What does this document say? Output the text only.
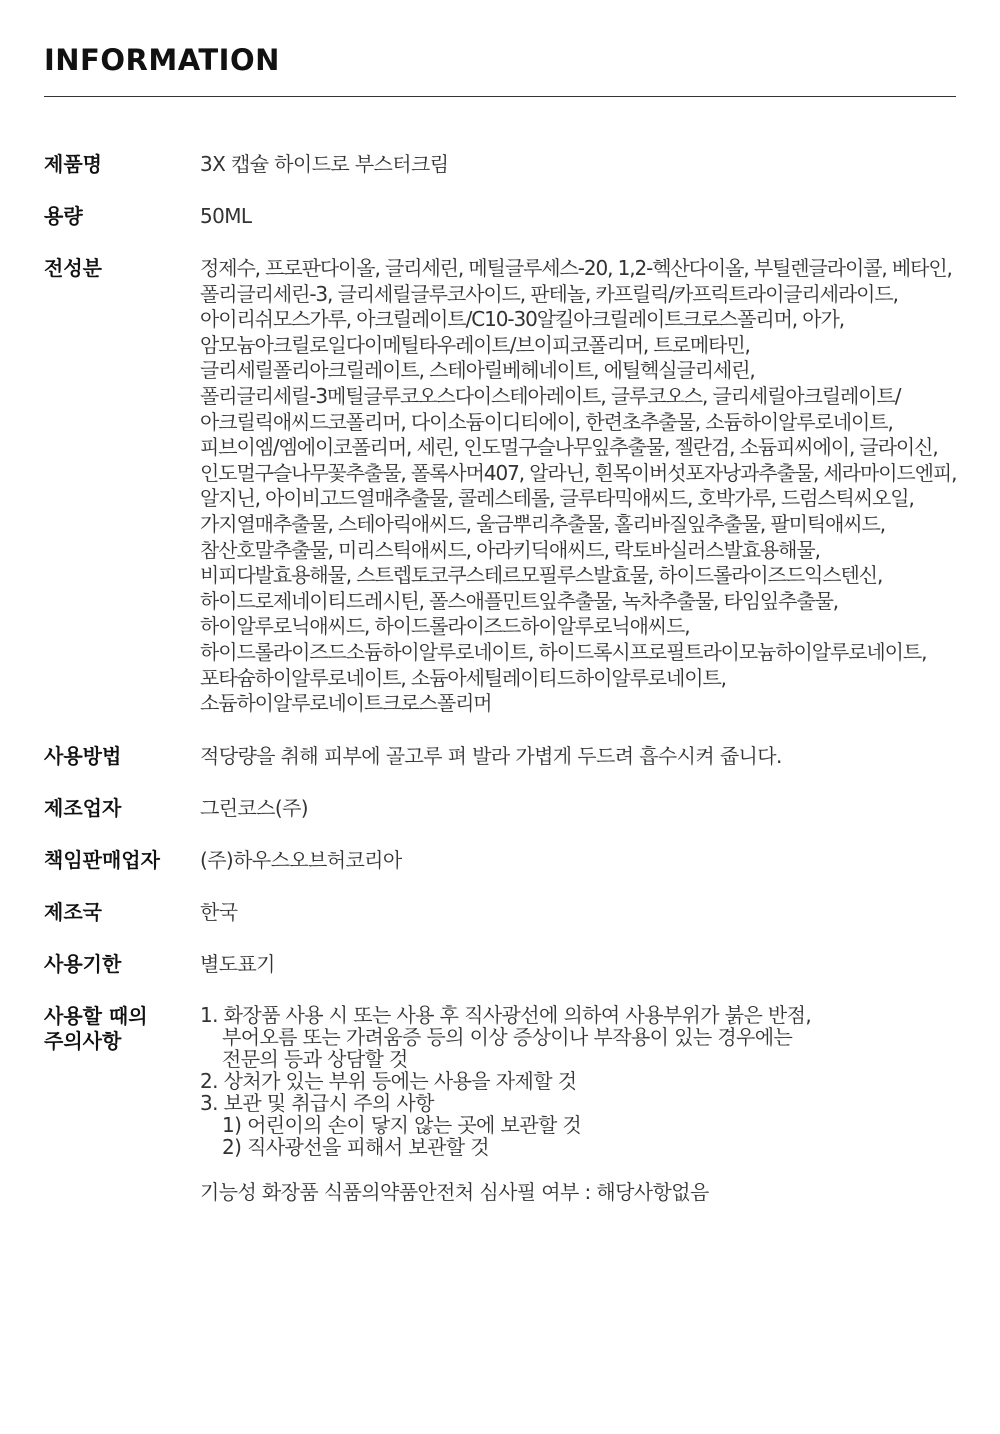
INFORMATION
제품명	3X 캡슐 하이드로 부스터크림
용량	50ML
전성분	정제수, 프로판다이올, 글리세린, 메틸글루세스-20, 1,2-헥산다이올, 부틸렌글라이콜, 베타인, 폴리글리세린-3, 글리세릴글루코사이드, 판테놀, 카프릴릭/카프릭트라이글리세라이드, 아이리쉬모스가루, 아크릴레이트/C10-30알킬아크릴레이트크로스폴리머, 아가, 암모늄아크릴로일다이메틸타우레이트/브이피코폴리머, 트로메타민, 글리세릴폴리아크릴레이트, 스테아릴베헤네이트, 에틸헥실글리세린, 폴리글리세릴-3메틸글루코오스다이스테아레이트, 글루코오스, 글리세릴아크릴레이트/아크릴릭애씨드코폴리머, 다이소듐이디티에이, 한련초추출물, 소듐하이알루로네이트, 피브이엠/엠에이코폴리머, 세린, 인도멀구슬나무잎추출물, 젤란검, 소듐피씨에이, 글라이신, 인도멀구슬나무꽃추출물, 폴록사머407, 알라닌, 흰목이버섯포자낭과추출물, 세라마이드엔피, 알지닌, 아이비고드열매추출물, 콜레스테롤, 글루타믹애씨드, 호박가루, 드럼스틱씨오일, 가지열매추출물, 스테아릭애씨드, 울금뿌리추출물, 홀리바질잎추출물, 팔미틱애씨드, 참산호말추출물, 미리스틱애씨드, 아라키딕애씨드, 락토바실러스발효용해물, 비피다발효용해물, 스트렙토코쿠스테르모필루스발효물, 하이드롤라이즈드익스텐신, 하이드로제네이티드레시틴, 폴스애플민트잎추출물, 녹차추출물, 타임잎추출물, 하이알루로닉애씨드, 하이드롤라이즈드하이알루로닉애씨드, 하이드롤라이즈드소듐하이알루로네이트, 하이드록시프로필트라이모늄하이알루로네이트, 포타슘하이알루로네이트, 소듐아세틸레이티드하이알루로네이트, 소듐하이알루로네이트크로스폴리머
사용방법	적당량을 취해 피부에 골고루 펴 발라 가볍게 두드려 흡수시켜 줍니다.
제조업자	그린코스(주)
책임판매업자	(주)하우스오브허코리아
제조국	한국
사용기한	별도표기
사용할 때의
주의사항
1. 화장품 사용 시 또는 사용 후 직사광선에 의하여 사용부위가 붉은 반점,
부어오름 또는 가려움증 등의 이상 증상이나 부작용이 있는 경우에는
전문의 등과 상담할 것
2. 상처가 있는 부위 등에는 사용을 자제할 것
3. 보관 및 취급시 주의 사항
1) 어린이의 손이 닿지 않는 곳에 보관할 것
2) 직사광선을 피해서 보관할 것
기능성 화장품 식품의약품안전처 심사필 여부 : 해당사항없음
